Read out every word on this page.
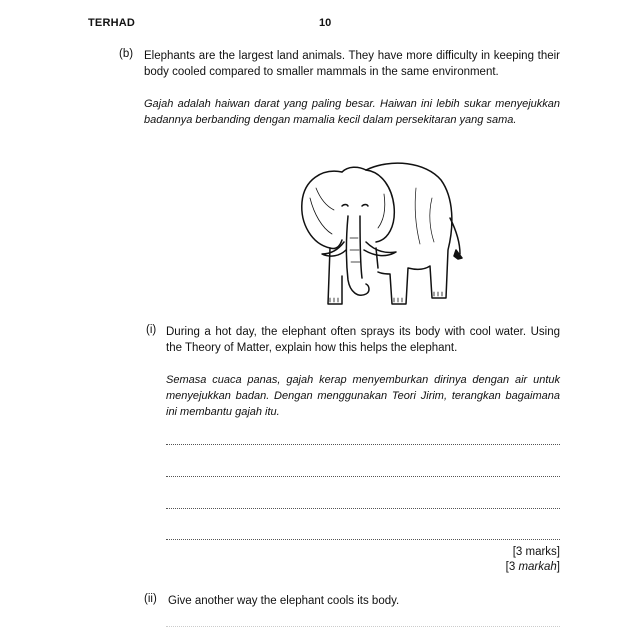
TERHAD	10
(b) Elephants are the largest land animals. They have more difficulty in keeping their body cooled compared to smaller mammals in the same environment.
Gajah adalah haiwan darat yang paling besar. Haiwan ini lebih sukar menyejukkan badannya berbanding dengan mamalia kecil dalam persekitaran yang sama.
(i) During a hot day, the elephant often sprays its body with cool water. Using the Theory of Matter, explain how this helps the elephant.
Semasa cuaca panas, gajah kerap menyemburkan dirinya dengan air untuk menyejukkan badan. Dengan menggunakan Teori Jirim, terangkan bagaimana ini membantu gajah itu.
[3 marks]
[3 markah]
(ii) Give another way the elephant cools its body.
